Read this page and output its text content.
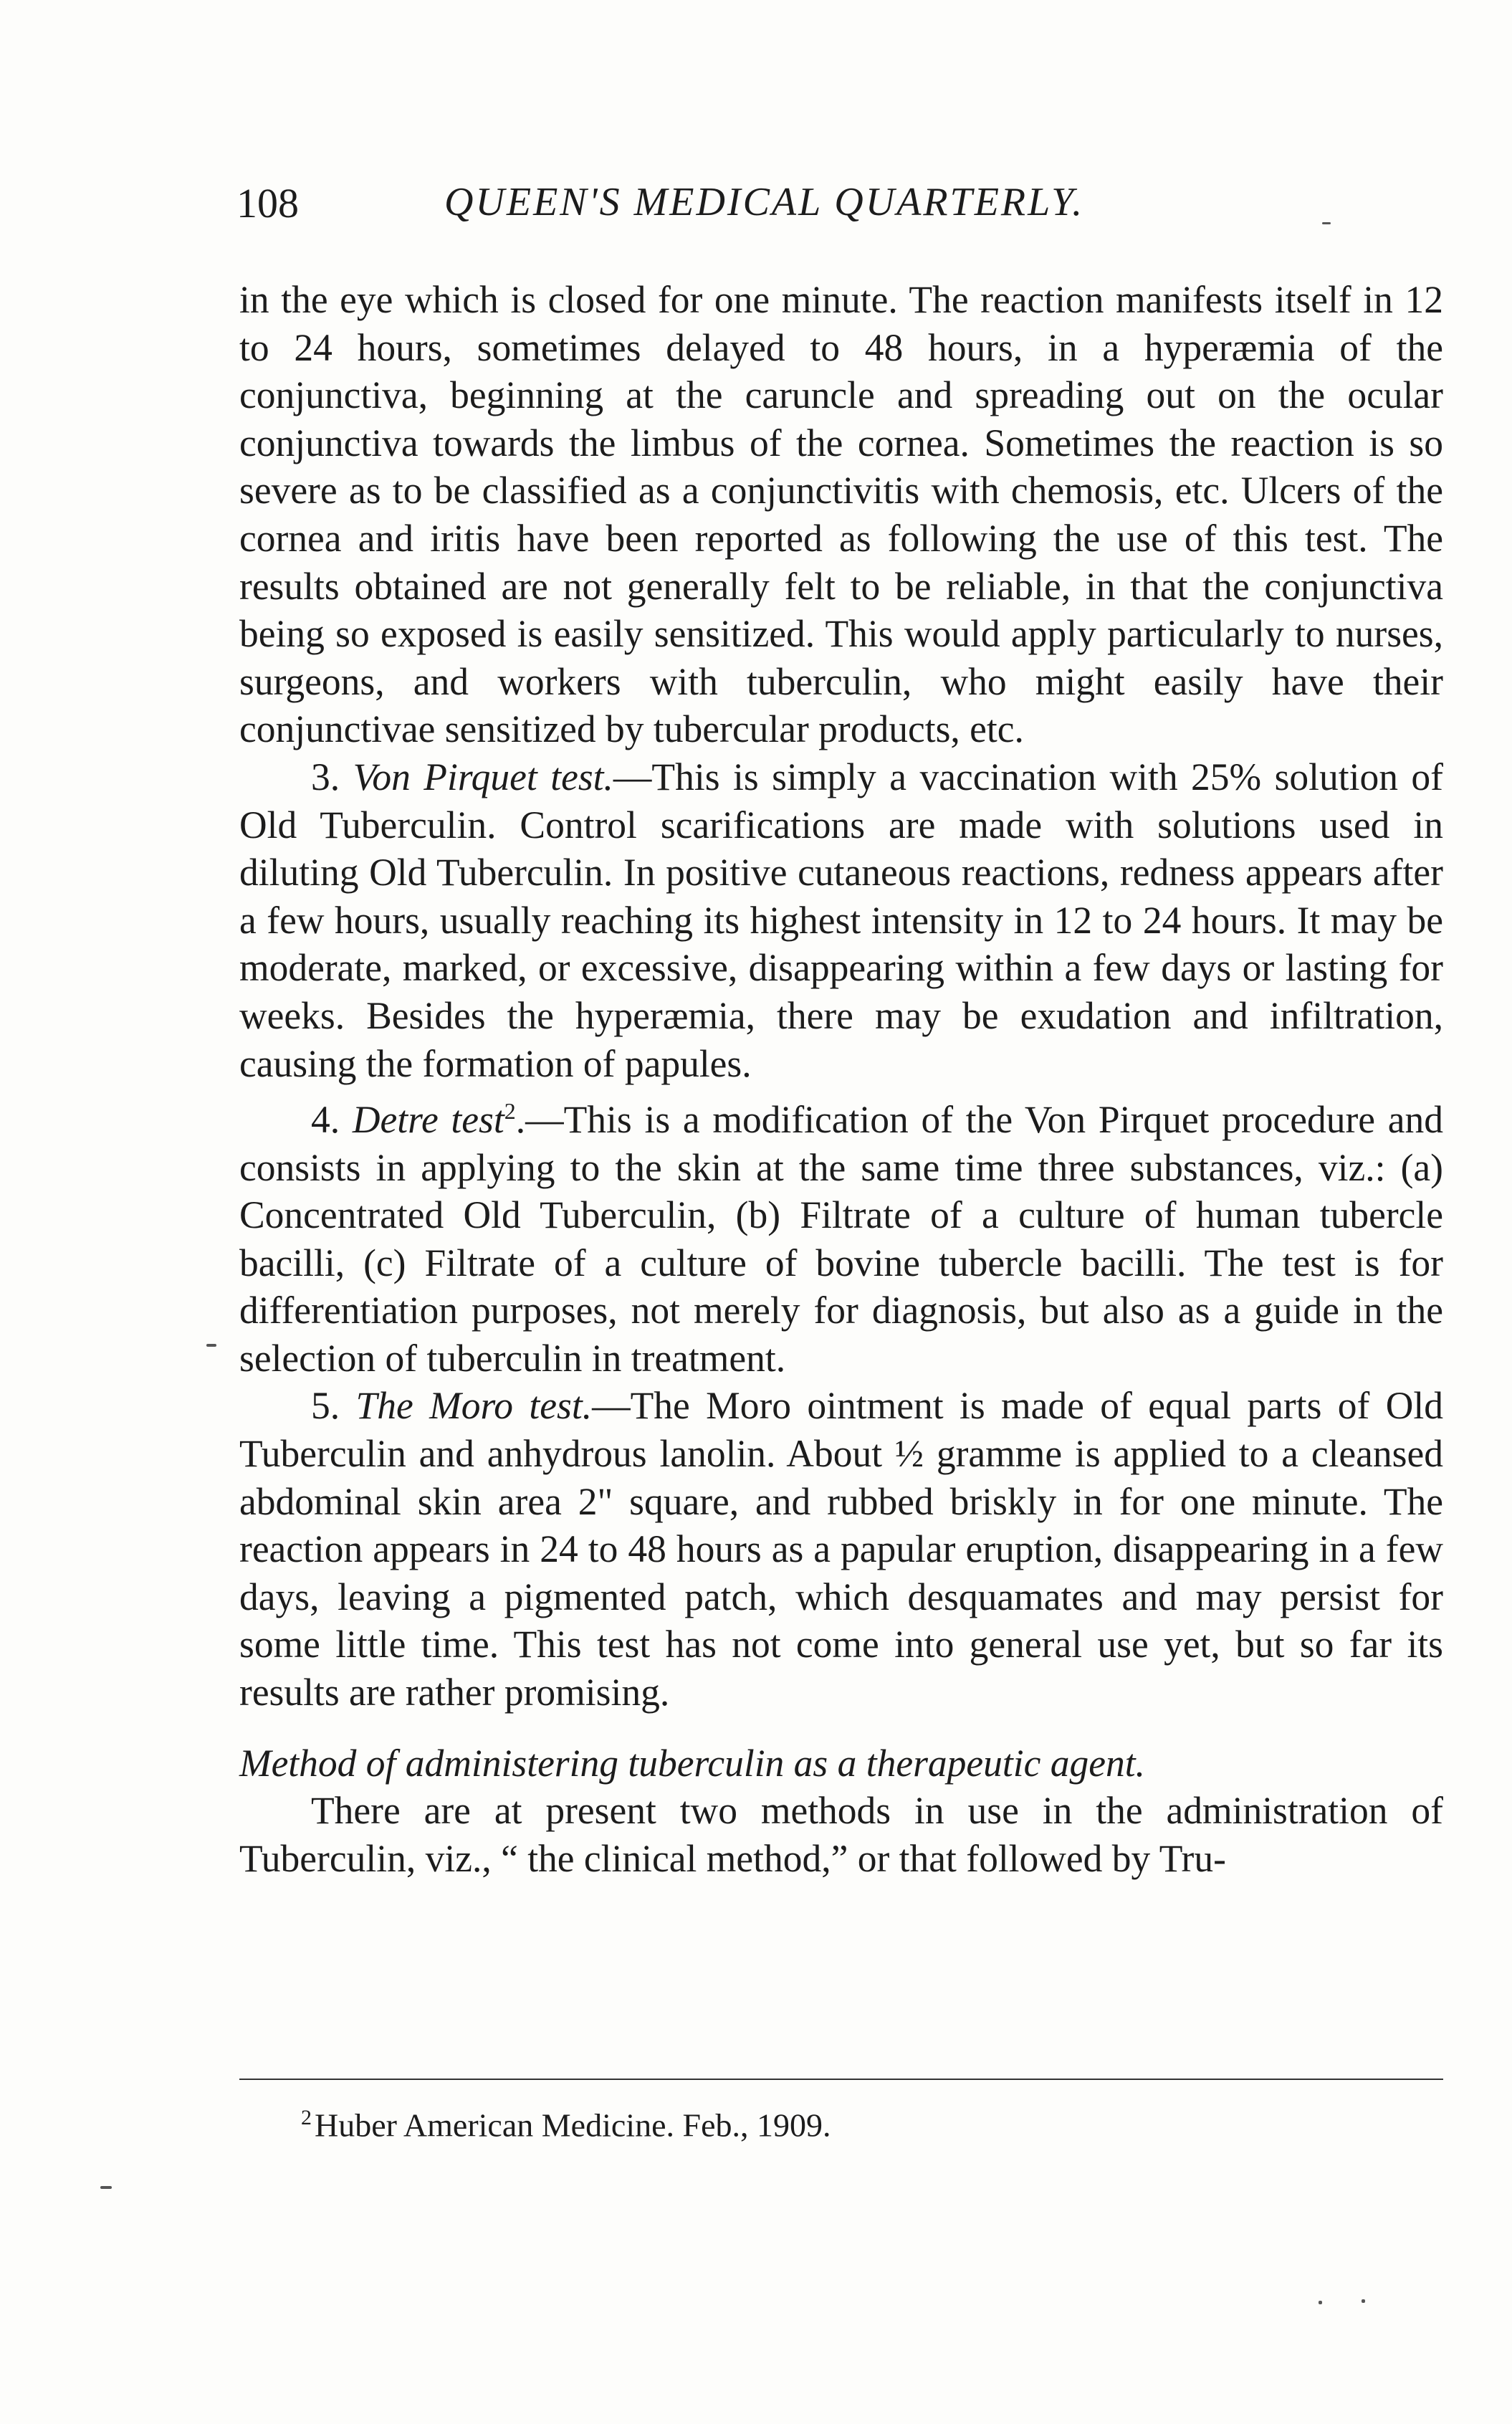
108	QUEEN'S MEDICAL QUARTERLY.

in the eye which is closed for one minute. The reaction manifests itself in 12 to 24 hours, sometimes delayed to 48 hours, in a hyperæmia of the conjunctiva, beginning at the caruncle and spreading out on the ocular conjunctiva towards the limbus of the cornea. Sometimes the reaction is so severe as to be classified as a conjunctivitis with chemosis, etc. Ulcers of the cornea and iritis have been reported as following the use of this test. The results obtained are not generally felt to be reliable, in that the conjunctiva being so exposed is easily sensitized. This would apply particularly to nurses, surgeons, and workers with tuberculin, who might easily have their conjunctivae sensitized by tubercular products, etc.

3. Von Pirquet test.—This is simply a vaccination with 25% solution of Old Tuberculin. Control scarifications are made with solutions used in diluting Old Tuberculin. In positive cutaneous reactions, redness appears after a few hours, usually reaching its highest intensity in 12 to 24 hours. It may be moderate, marked, or excessive, disappearing within a few days or lasting for weeks. Besides the hyperæmia, there may be exudation and infiltration, causing the formation of papules.

4. Detre test$^2$.—This is a modification of the Von Pirquet procedure and consists in applying to the skin at the same time three substances, viz.: (a) Concentrated Old Tuberculin, (b) Filtrate of a culture of human tubercle bacilli, (c) Filtrate of a culture of bovine tubercle bacilli. The test is for differentiation purposes, not merely for diagnosis, but also as a guide in the selection of tuberculin in treatment.

5. The Moro test.—The Moro ointment is made of equal parts of Old Tuberculin and anhydrous lanolin. About ½ gramme is applied to a cleansed abdominal skin area 2" square, and rubbed briskly in for one minute. The reaction appears in 24 to 48 hours as a papular eruption, disappearing in a few days, leaving a pigmented patch, which desquamates and may persist for some little time. This test has not come into general use yet, but so far its results are rather promising.

Method of administering tuberculin as a therapeutic agent.

There are at present two methods in use in the administration of Tuberculin, viz., “ the clinical method,” or that followed by Tru-

$^2$Huber American Medicine. Feb., 1909.
